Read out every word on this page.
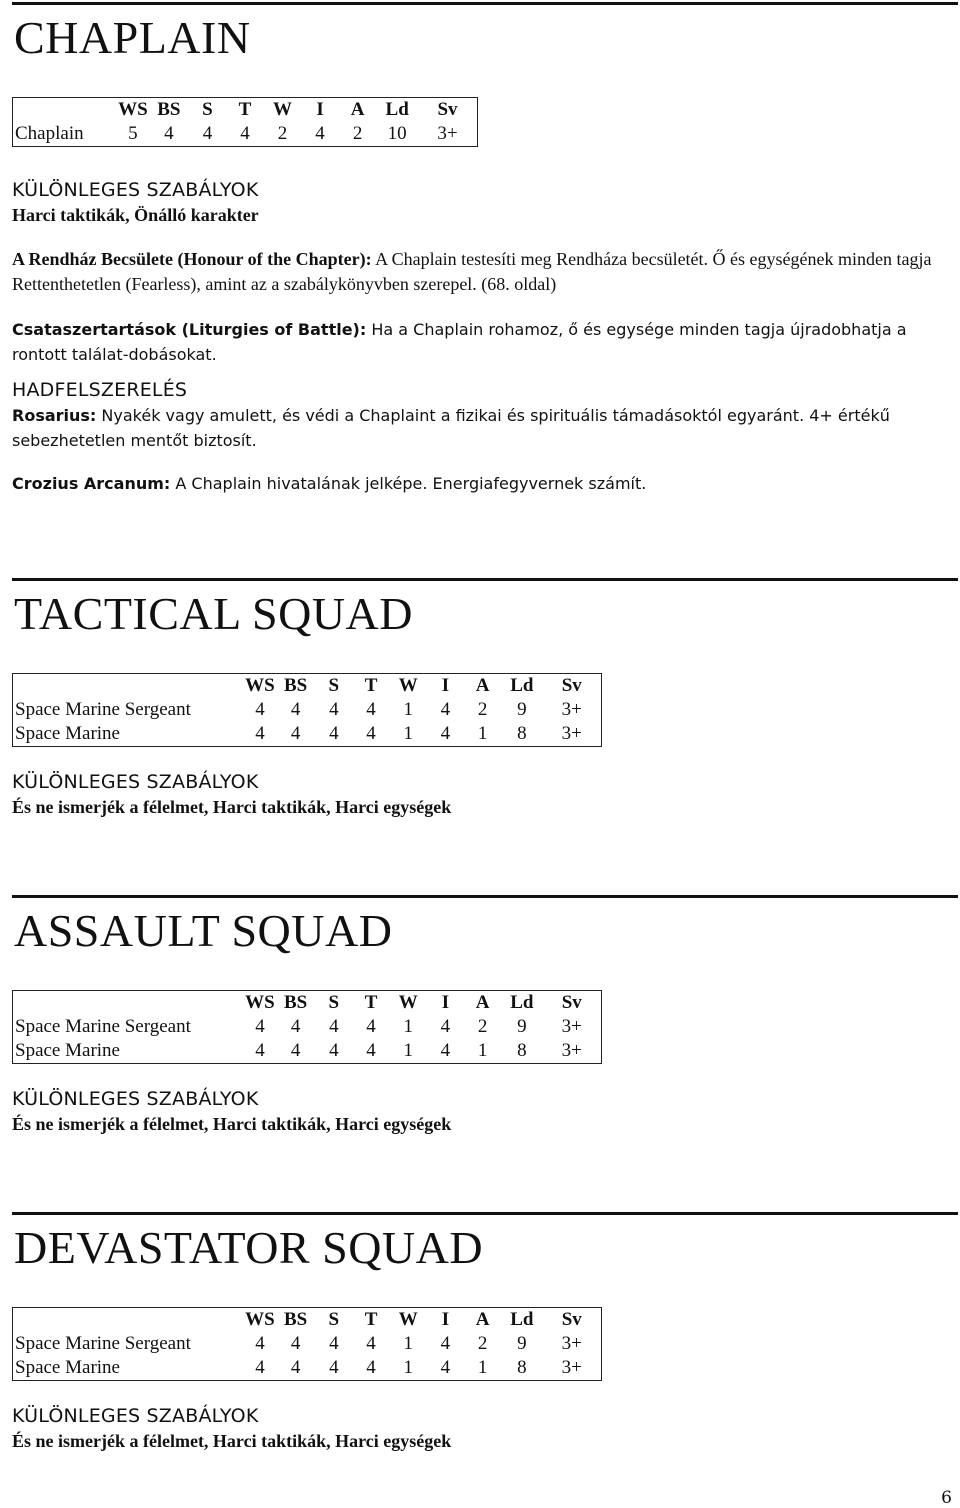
CHAPLAIN
	WS	BS	S	T	W	I	A	Ld	Sv
Chaplain	5	4	4	4	2	4	2	10	3+
KÜLÖNLEGES SZABÁLYOK
Harci taktikák, Önálló karakter

A Rendház Becsülete (Honour of the Chapter): A Chaplain testesíti meg Rendháza becsületét. Ő és egységének minden tagja Rettenthetetlen (Fearless), amint az a szabálykönyvben szerepel. (68. oldal)

Csataszertartások (Liturgies of Battle): Ha a Chaplain rohamoz, ő és egysége minden tagja újradobhatja a rontott találat-dobásokat.

HADFELSZERELÉS

Rosarius: Nyakék vagy amulett, és védi a Chaplaint a fizikai és spirituális támadásoktól egyaránt. 4+ értékű sebezhetetlen mentőt biztosít.

Crozius Arcanum: A Chaplain hivatalának jelképe. Energiafegyvernek számít.

TACTICAL SQUAD
	WS	BS	S	T	W	I	A	Ld	Sv
Space Marine Sergeant	4	4	4	4	1	4	2	9	3+
Space Marine	4	4	4	4	1	4	1	8	3+
KÜLÖNLEGES SZABÁLYOK
És ne ismerjék a félelmet, Harci taktikák, Harci egységek
ASSAULT SQUAD
	WS	BS	S	T	W	I	A	Ld	Sv
Space Marine Sergeant	4	4	4	4	1	4	2	9	3+
Space Marine	4	4	4	4	1	4	1	8	3+
KÜLÖNLEGES SZABÁLYOK
És ne ismerjék a félelmet, Harci taktikák, Harci egységek
DEVASTATOR SQUAD
	WS	BS	S	T	W	I	A	Ld	Sv
Space Marine Sergeant	4	4	4	4	1	4	2	9	3+
Space Marine	4	4	4	4	1	4	1	8	3+
KÜLÖNLEGES SZABÁLYOK
És ne ismerjék a félelmet, Harci taktikák, Harci egységek
6
